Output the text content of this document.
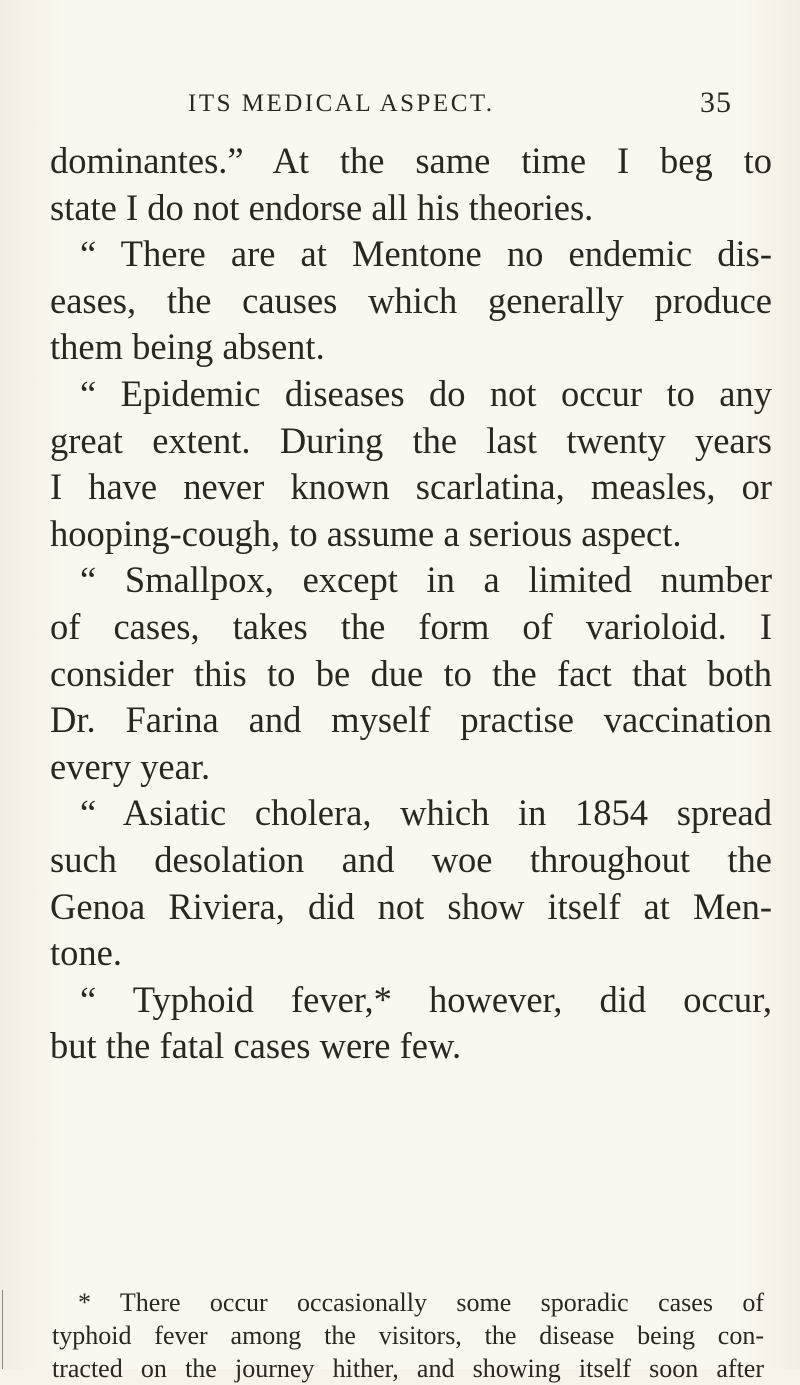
ITS MEDICAL ASPECT.	35
dominantes.” At the same time I beg to
state I do not endorse all his theories.
“ There are at Mentone no endemic dis-
eases, the causes which generally produce
them being absent.
“ Epidemic diseases do not occur to any
great extent. During the last twenty years
I have never known scarlatina, measles, or
hooping-cough, to assume a serious aspect.
“ Smallpox, except in a limited number
of cases, takes the form of varioloid. I
consider this to be due to the fact that both
Dr. Farina and myself practise vaccination
every year.
“ Asiatic cholera, which in 1854 spread
such desolation and woe throughout the
Genoa Riviera, did not show itself at Men-
tone.
“ Typhoid fever,* however, did occur,
but the fatal cases were few.
* There occur occasionally some sporadic cases of
typhoid fever among the visitors, the disease being con-
tracted on the journey hither, and showing itself soon after
